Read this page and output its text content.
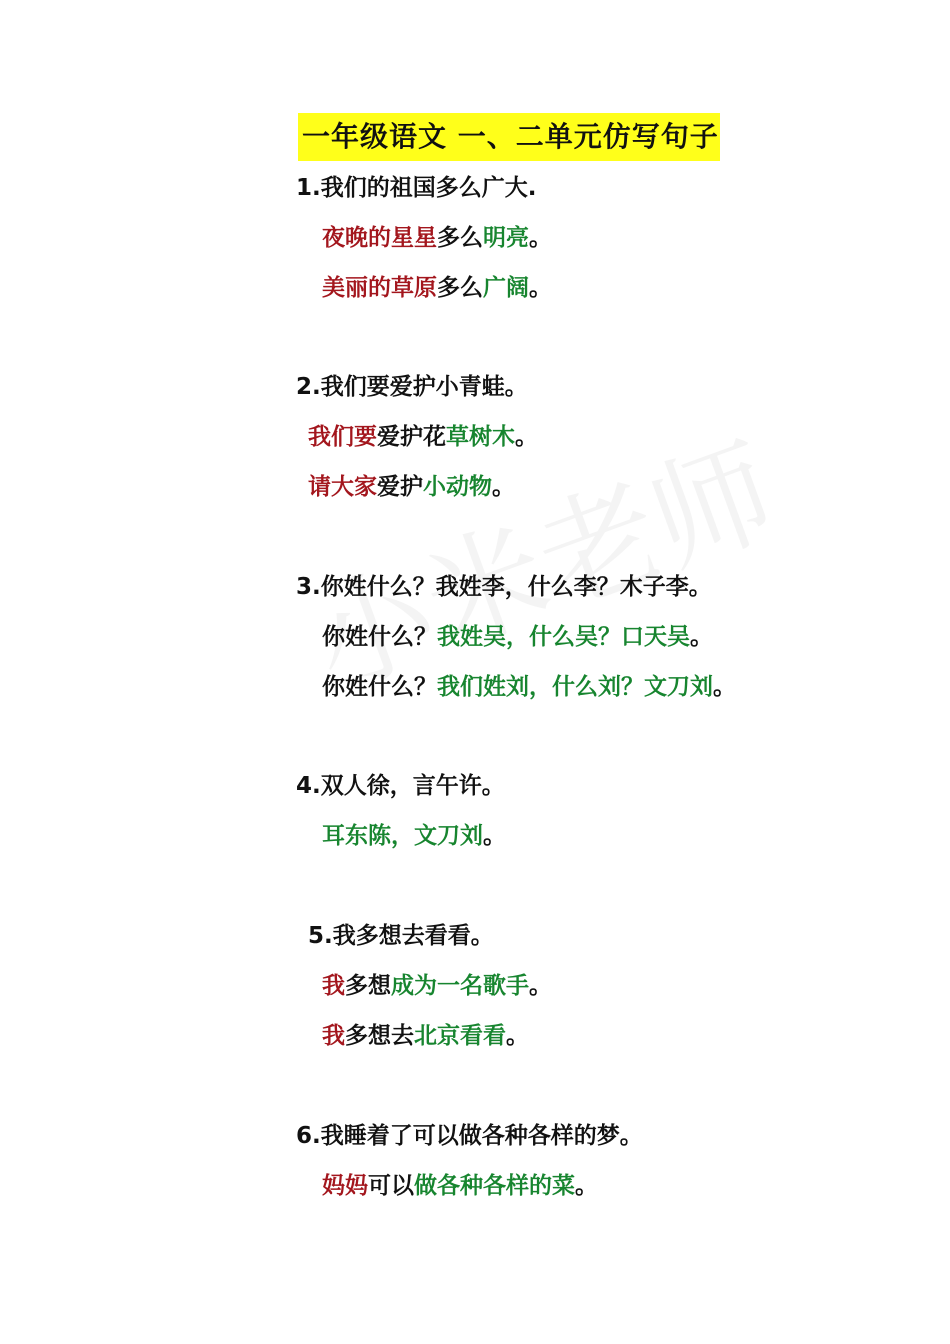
一年级语文 一、二单元仿写句子
1.我们的祖国多么广大.
夜晚的星星多么明亮。
美丽的草原多么广阔。
2.我们要爱护小青蛙。
我们要爱护花草树木。
请大家爱护小动物。
3.你姓什么？我姓李，什么李？木子李。
你姓什么？我姓吴，什么吴？口天吴。
你姓什么？我们姓刘，什么刘？文刀刘。
4.双人徐，言午许。
耳东陈，文刀刘。
5.我多想去看看。
我多想成为一名歌手。
我多想去北京看看。
6.我睡着了可以做各种各样的梦。
妈妈可以做各种各样的菜。
